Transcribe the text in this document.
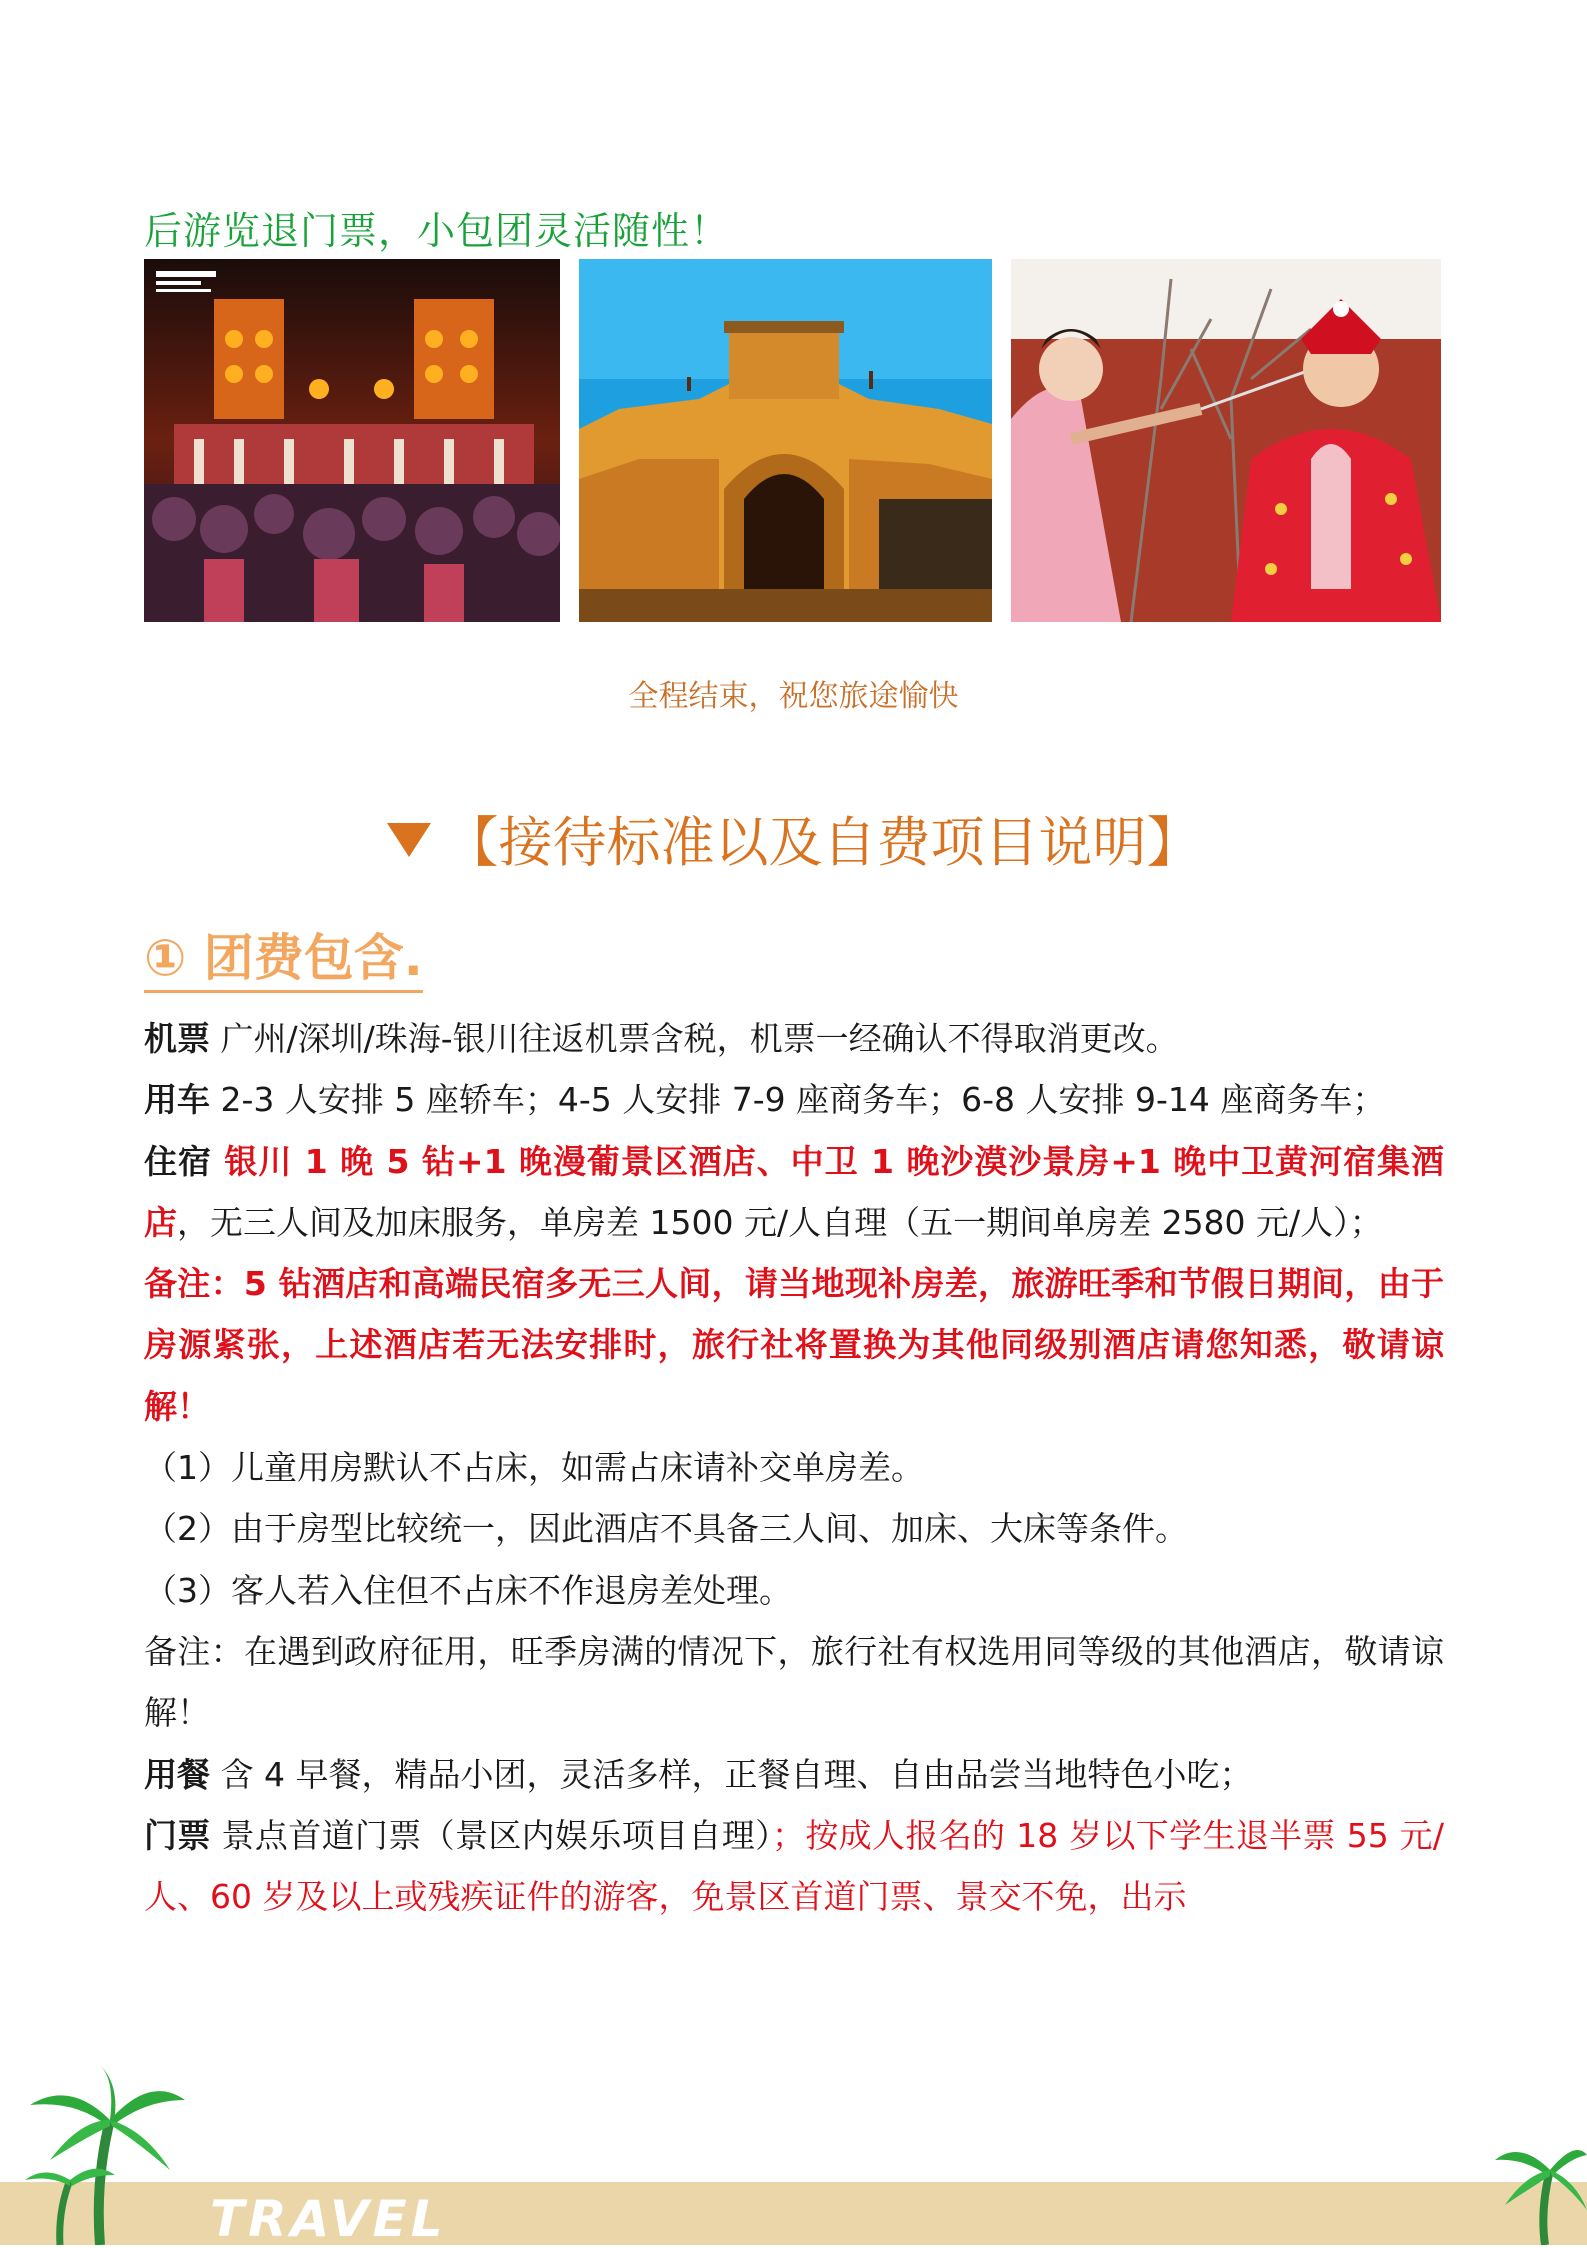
后游览退门票，小包团灵活随性！
全程结束，祝您旅途愉快
【接待标准以及自费项目说明】
① 团费包含.

机票 广州/深圳/珠海-银川往返机票含税，机票一经确认不得取消更改。

用车 2-3 人安排 5 座轿车；4-5 人安排 7-9 座商务车；6-8 人安排 9-14 座商务车；

住宿 银川 1 晚 5 钻+1 晚漫葡景区酒店、中卫 1 晚沙漠沙景房+1 晚中卫黄河宿集酒店，无三人间及加床服务，单房差 1500 元/人自理（五一期间单房差 2580 元/人）；

备注：5 钻酒店和高端民宿多无三人间，请当地现补房差，旅游旺季和节假日期间，由于房源紧张，上述酒店若无法安排时，旅行社将置换为其他同级别酒店请您知悉，敬请谅解！

（1）儿童用房默认不占床，如需占床请补交单房差。

（2）由于房型比较统一，因此酒店不具备三人间、加床、大床等条件。

（3）客人若入住但不占床不作退房差处理。

备注：在遇到政府征用，旺季房满的情况下，旅行社有权选用同等级的其他酒店，敬请谅解！

用餐 含 4 早餐，精品小团，灵活多样，正餐自理、自由品尝当地特色小吃；

门票 景点首道门票（景区内娱乐项目自理）；按成人报名的 18 岁以下学生退半票 55 元/人、60 岁及以上或残疾证件的游客，免景区首道门票、景交不免，出示

TRAVEL
